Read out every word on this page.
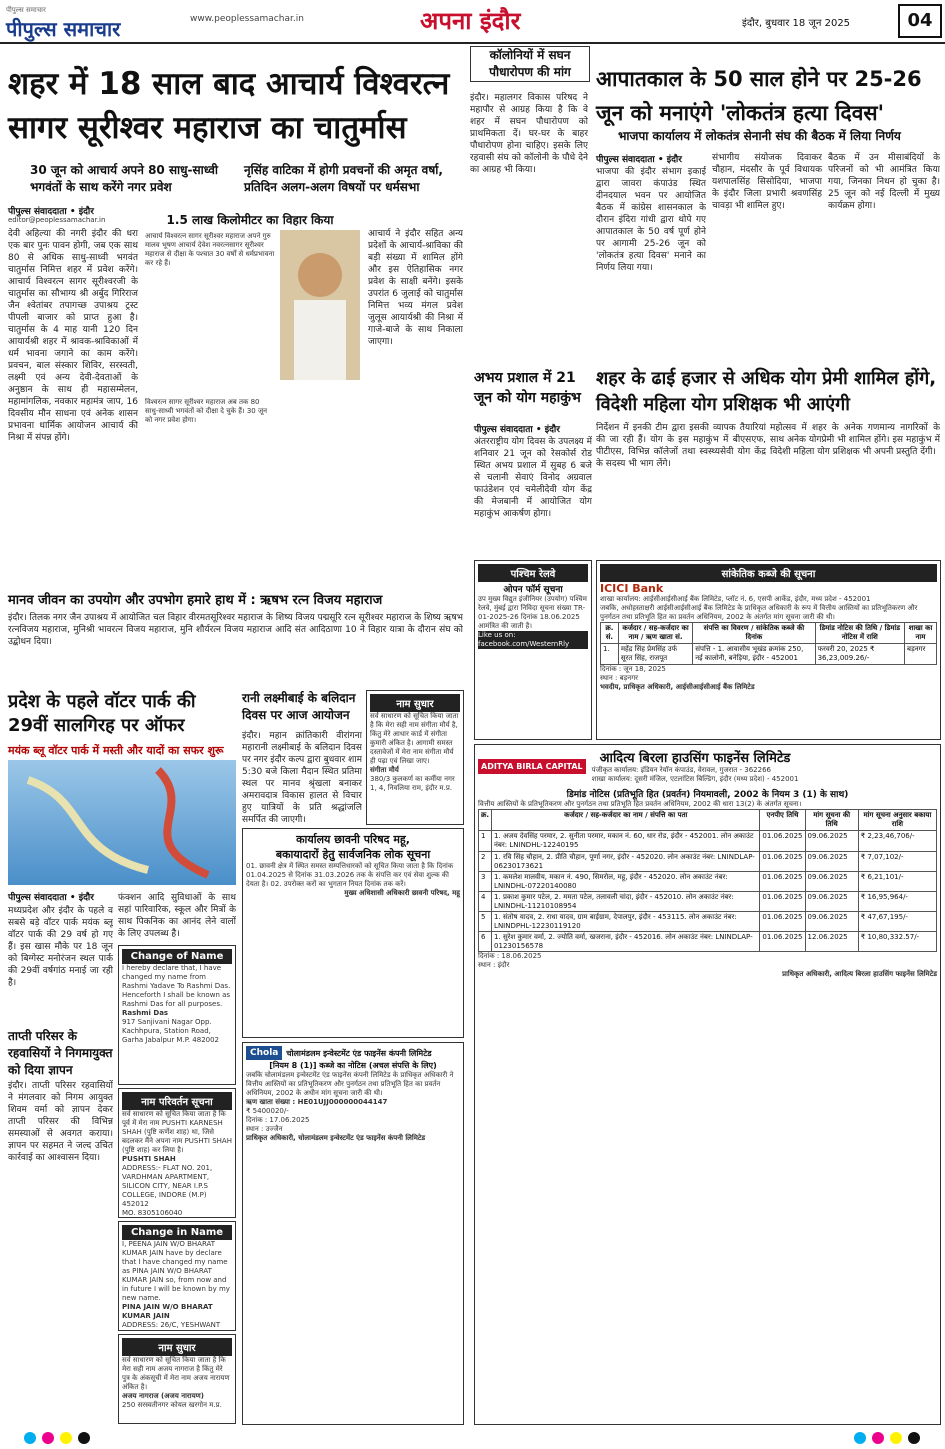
पीपुल्स समाचार
पीपुल्स समाचार	www.peoplessamachar.in	अपना इंदौर	इंदौर, बुधवार 18 जून 2025	04
शहर में 18 साल बाद आचार्य विश्वरत्न सागर सूरीश्वर महाराज का चातुर्मास
30 जून को आचार्य अपने 80 साधु-साध्वी भगवंतों के साथ करेंगे नगर प्रवेश
नृसिंह वाटिका में होगी प्रवचनों की अमृत वर्षा, प्रतिदिन अलग-अलग विषयों पर धर्मसभा
पीपुल्स संवाददाता • इंदौर
editor@peoplessamachar.in	1.5 लाख किलोमीटर का विहार किया
देवी अहिल्या की नगरी इंदौर की धरा एक बार पुनः पावन होगी, जब एक साथ 80 से अधिक साधु-साध्वी भगवंत चातुर्मास निमित्त शहर में प्रवेश करेंगे। आचार्य विश्वरत्न सागर सूरीश्वरजी के चातुर्मास का सौभाग्य श्री अर्बुद गिरिराज जैन श्वेतांबर तपागच्छ उपाश्रय ट्रस्ट पीपली बाजार को प्राप्त हुआ है। चातुर्मास के 4 माह यानी 120 दिन आयार्यश्री शहर में श्रावक-श्राविकाओं में धर्म भावना जगाने का काम करेंगे। प्रवचन, बाल संस्कार शिविर, सरस्वती, लक्ष्मी एवं अन्य देवी-देवताओं के अनुष्ठान के साथ ही महासम्मेलन, महामांगलिक, नवकार महामंत्र जाप, 16 दिवसीय मौन साधना एवं अनेक शासन प्रभावना धार्मिक आयोजन आचार्य की निश्रा में संपन्न होंगे।
आचार्य विश्वरत्न सागर सूरीश्वर महाराज अपने गुरु मालव भूषण आचार्य देवेश नवरत्नसागर सूरीश्वर महाराज से दीक्षा के पश्चात 30 वर्षों से धर्मप्रभावना कर रहे हैं।
विश्वरत्न सागर सूरीश्वर महाराज अब तक 80 साधु-साध्वी भगवंतों को दीक्षा दे चुके हैं। 30 जून को नगर प्रवेश होगा।
आचार्य ने इंदौर सहित अन्य प्रदेशों के आचार्य-श्राविका की बड़ी संख्या में शामिल होंगे और इस ऐतिहासिक नगर प्रवेश के साक्षी बनेंगे। इसके उपरांत 6 जुलाई को चातुर्मास निमित्त भव्य मंगल प्रवेश जुलूस आयार्यश्री की निश्रा में गाजे-बाजे के साथ निकाला जाएगा।
मानव जीवन का उपयोग और उपभोग हमारे हाथ में : ऋषभ रत्न विजय महाराज
इंदौर। तिलक नगर जैन उपाश्रय में आयोजित चल विहार वीरमतसूरिश्वर महाराज के शिष्य विजय पद्मसूरि रत्न सूरीश्वर महाराज के शिष्य ऋषभ रत्नविजय महाराज, मुनिश्री भावरत्न विजय महाराज, मुनि शौर्यरत्न विजय महाराज आदि संत आदिठाणा 10 ने विहार यात्रा के दौरान संघ को उद्बोधन दिया।
प्रदेश के पहले वॉटर पार्क की 29वीं सालगिरह पर ऑफर
मयंक ब्लू वॉटर पार्क में मस्ती और यादों का सफर शुरू
पीपुल्स संवाददाता • इंदौर
मध्यप्रदेश और इंदौर के पहले व सबसे बड़े वॉटर पार्क मयंक ब्लू वॉटर पार्क की 29 वर्ष हो गए हैं। इस खास मौके पर 18 जून को बिग्गेस्ट मनोरंजन स्थल पार्क की 29वीं वर्षगांठ मनाई जा रही है।
फंक्शन आदि सुविधाओं के साथ सहां पारिवारिक, स्कूल और मित्रों के साथ पिकनिक का आनंद लेने वालों के लिए उपलब्ध है।
रानी लक्ष्मीबाई के बलिदान दिवस पर आज आयोजन
इंदौर। महान क्रांतिकारी वीरांगना महारानी लक्ष्मीबाई के बलिदान दिवस पर नगर इंदौर कल्प द्वारा बुधवार शाम 5:30 बजे किला मैदान स्थित प्रतिमा स्थल पर मानव श्रृंखला बनाकर अमरावदात्र विकास हालत से विचार हुए यात्रियों के प्रति श्रद्धांजलि समर्पित की जाएगी।
नाम सुधार
सर्व साधारण को सूचित किया जाता है कि मेरा सही नाम संगीता मौर्य है, किंतु मेरे आधार कार्ड में संगीता कुमारी अंकित है। आगामी समस्त दस्तावेजों में मेरा नाम संगीता मौर्य ही पढ़ा एवं लिखा जाए।
संगीता मौर्य
380/3 कुलकर्ण का कर्मीया नगर 1, 4, निवलिया राम, इंदौर म.प्र.
कार्यालय छावनी परिषद महू,
बकायादारों हेतु सार्वजनिक लोक सूचना
01. छावनी क्षेत्र में स्थित समस्त सम्पत्तिधारकों को सूचित किया जाता है कि दिनांक 01.04.2025 से दिनांक 31.03.2026 तक के संपत्ति कर एवं सेवा शुल्क की देयता है। 02. उपरोक्त करों का भुगतान नियत दिनांक तक करें।
मुख्य अधिशासी अधिकारी छावनी परिषद, महू
Change of Name
I hereby declare that, I have changed my name from Rashmi Yadave To Rashmi Das. Henceforth I shall be known as Rashmi Das for all purposes.
Rashmi Das
917 Sanjivani Nagar Opp. Kachhpura, Station Road, Garha Jabalpur M.P. 482002
नाम परिवर्तन सूचना
सर्व साधारण को सूचित किया जाता है कि पूर्व में मेरा नाम PUSHTI KARNESH SHAH (पुष्टि कर्णेश शाह) था, जिसे बदलकर मैंने अपना नाम PUSHTI SHAH (पुष्टि शाह) कर लिया है।
PUSHTI SHAH
ADDRESS:- FLAT NO. 201, VARDHMAN APARTMENT, SILICON CITY, NEAR I.P.S COLLEGE, INDORE (M.P) 452012
MO. 8305106040
Change in Name
I, PEENA JAIN W/O BHARAT KUMAR JAIN have by declare that I have changed my name as PINA JAIN W/O BHARAT KUMAR JAIN so, from now and in future I will be known by my new name.
PINA JAIN W/O BHARAT KUMAR JAIN
ADDRESS: 26/C, YESHWANT
नाम सुधार
सर्व साधारण को सूचित किया जाता है कि मेरा सही नाम अजय नागराज है किंतु मेरे पुत्र के अंकसूची में मेरा नाम अजय नारायण अंकित है।
अजय नागराज (अजय नारायण)
250 सरस्वतीनगर कोयल खरगोन म.प्र.
ताप्ती परिसर के रहवासियों ने निगमायुक्त को दिया ज्ञापन
इंदौर। ताप्ती परिसर रहवासियों ने मंगलवार को निगम आयुक्त शिवम वर्मा को ज्ञापन देकर ताप्ती परिसर की विभिन्न समस्याओं से अवगत कराया। ज्ञापन पर सहमत ने जल्द उचित कार्रवाई का आश्वासन दिया।
Chola	चोलामंडलम इन्वेस्टमेंट एंड फाइनेंस कंपनी लिमिटेड
[नियम 8 (1)] कब्जे का नोटिस (अचल संपत्ति के लिए)
जबकि चोलामंडलम इन्वेस्टमेंट एंड फाइनेंस कंपनी लिमिटेड के प्राधिकृत अधिकारी ने वित्तीय आस्तियों का प्रतिभूतिकरण और पुनर्गठन तथा प्रतिभूति हित का प्रवर्तन अधिनियम, 2002 के अधीन मांग सूचना जारी की थी।
ऋण खाता संख्या : HE01UJJ000000044147
₹ 5400020/-
दिनांक : 17.06.2025
स्थान : उज्जैन
प्राधिकृत अधिकारी, चोलामंडलम इन्वेस्टमेंट एंड फाइनेंस कंपनी लिमिटेड
कॉलोनियों में सघन पौधारोपण की मांग
इंदौर। महालगर विकास परिषद ने महापौर से आग्रह किया है कि वे शहर में सघन पौधारोपण को प्राथमिकता दें। घर-घर के बाहर पौधारोपण होना चाहिए। इसके लिए रहवासी संघ को कॉलोनी के पौधे देने का आग्रह भी किया।
आपातकाल के 50 साल होने पर 25-26 जून को मनाएंगे 'लोकतंत्र हत्या दिवस'
भाजपा कार्यालय में लोकतंत्र सेनानी संघ की बैठक में लिया निर्णय
पीपुल्स संवाददाता • इंदौर
भाजपा की इंदौर संभाग इकाई द्वारा जावरा कंपाउंड स्थित दीनदयाल भवन पर आयोजित बैठक में कांग्रेस शासनकाल के दौरान इंदिरा गांधी द्वारा थोपे गए आपातकाल के 50 वर्ष पूर्ण होने पर आगामी 25-26 जून को 'लोकतंत्र हत्या दिवस' मनाने का निर्णय लिया गया।
संभागीय संयोजक दिवाकर चौहान, मंदसौर के पूर्व विधायक यशपालसिंह सिसोदिया, भाजपा के इंदौर जिला प्रभारी श्रवणसिंह चावड़ा भी शामिल हुए।
बैठक में उन मीसाबंदियों के परिजनों को भी आमंत्रित किया गया, जिनका निधन हो चुका है। 25 जून को नई दिल्ली में मुख्य कार्यक्रम होगा।
अभय प्रशाल में 21 जून को योग महाकुंभ
शहर के ढाई हजार से अधिक योग प्रेमी शामिल होंगे, विदेशी महिला योग प्रशिक्षक भी आएंगी
पीपुल्स संवाददाता • इंदौर
अंतरराष्ट्रीय योग दिवस के उपलक्ष्य में शनिवार 21 जून को रेसकोर्स रोड स्थित अभय प्रशाल में सुबह 6 बजे से चलानी सेवाएं विनोद अग्रवाल फाउंडेशन एवं चमेलीदेवी योग केंद्र की मेजबानी में आयोजित योग महाकुंभ आकर्षण होगा।
निर्देशन में इनकी टीम द्वारा इसकी व्यापक तैयारियां की जा रही हैं। योग के इस महाकुंभ में बीएसएफ, पीटीएस, विभिन्न कॉलेजों तथा स्वस्थ्यसेवी योग केंद्र के सदस्य भी भाग लेंगे।
महोत्सव में शहर के अनेक गणमान्य नागरिकों के साथ अनेक योगप्रेमी भी शामिल होंगे। इस महाकुंभ में विदेशी महिला योग प्रशिक्षक भी अपनी प्रस्तुति देंगी।
पश्चिम रेलवे
ओपन फॉर्म सूचना
उप मुख्य विद्युत इंजीनियर (उपयोग) पश्चिम रेलवे, मुंबई द्वारा निविदा सूचना संख्या TR-01-2025-26 दिनांक 18.06.2025 आमंत्रित की जाती है।
Like us on: facebook.com/WesternRly
सांकेतिक कब्जे की सूचना
ICICI Bank
शाखा कार्यालय: आईसीआईसीआई बैंक लिमिटेड, प्लॉट नं. 6, एसपी आर्केड, इंदौर, मध्य प्रदेश - 452001
जबकि, अधोहस्ताक्षरी आईसीआईसीआई बैंक लिमिटेड के प्राधिकृत अधिकारी के रूप में वित्तीय आस्तियों का प्रतिभूतिकरण और पुनर्गठन तथा प्रतिभूति हित का प्रवर्तन अधिनियम, 2002 के अंतर्गत मांग सूचना जारी की थी।
क्र. सं.	कर्जदार / सह-कर्जदार का नाम / ऋण खाता सं.	संपत्ति का विवरण / सांकेतिक कब्जे की दिनांक	डिमांड नोटिस की तिथि / डिमांड नोटिस में राशि	शाखा का नाम
1.	महेंद्र सिंह प्रेमसिंह उर्फ सूरत सिंह, राजपूत	संपत्ति - 1. आवासीय भूखंड क्रमांक 250, नई कालोनी, बनेड़िया, इंदौर - 452001	फरवरी 20, 2025 ₹ 36,23,009.26/-	बड़नगर
दिनांक : जून 18, 2025
स्थान : बड़नगर
भवदीय, प्राधिकृत अधिकारी, आईसीआईसीआई बैंक लिमिटेड
ADITYA BIRLA CAPITAL	आदित्य बिरला हाउसिंग फाइनेंस लिमिटेड
पंजीकृत कार्यालय: इंडियन रेयॉन कंपाउंड, वेरावल, गुजरात - 362266
शाखा कार्यालय: दूसरी मंजिल, एटलांटिस बिल्डिंग, इंदौर (मध्य प्रदेश) - 452001
डिमांड नोटिस (प्रतिभूति हित (प्रवर्तन) नियमावली, 2002 के नियम 3 (1) के साथ)
वित्तीय आस्तियों के प्रतिभूतिकरण और पुनर्गठन तथा प्रतिभूति हित प्रवर्तन अधिनियम, 2002 की धारा 13(2) के अंतर्गत सूचना।
क्र.	कर्जदार / सह-कर्जदार का नाम / संपत्ति का पता	एनपीए तिथि	मांग सूचना की तिथि	मांग सूचना अनुसार बकाया राशि
1	1. अजय देवसिंह परमार, 2. सुनीता परमार, मकान नं. 60, धार रोड, इंदौर - 452001. लोन अकाउंट नंबर: LNINDHL-12240195	01.06.2025	09.06.2025	₹ 2,23,46,706/-
2	1. रवि सिंह चौहान, 2. प्रीति चौहान, पूर्णा नगर, इंदौर - 452020. लोन अकाउंट नंबर: LNINDLAP-06230173621	01.06.2025	09.06.2025	₹ 7,07,102/-
3	1. कमलेश मालवीय, मकान नं. 490, सिमरोल, महू, इंदौर - 452020. लोन अकाउंट नंबर: LNINDHL-07220140080	01.06.2025	09.06.2025	₹ 6,21,101/-
4	1. प्रकाश कुमार पटेल, 2. ममता पटेल, तलावली चांदा, इंदौर - 452010. लोन अकाउंट नंबर: LNINDHL-11210108954	01.06.2025	09.06.2025	₹ 16,95,964/-
5	1. संतोष यादव, 2. राधा यादव, ग्राम बाईग्राम, देपालपुर, इंदौर - 453115. लोन अकाउंट नंबर: LNINDPHL-12230119120	01.06.2025	09.06.2025	₹ 47,67,195/-
6	1. सुरेश कुमार वर्मा, 2. ज्योति वर्मा, खजराना, इंदौर - 452016. लोन अकाउंट नंबर: LNINDLAP-01230156578	01.06.2025	12.06.2025	₹ 10,80,332.57/-
दिनांक : 18.06.2025
स्थान : इंदौर
प्राधिकृत अधिकारी, आदित्य बिरला हाउसिंग फाइनेंस लिमिटेड
